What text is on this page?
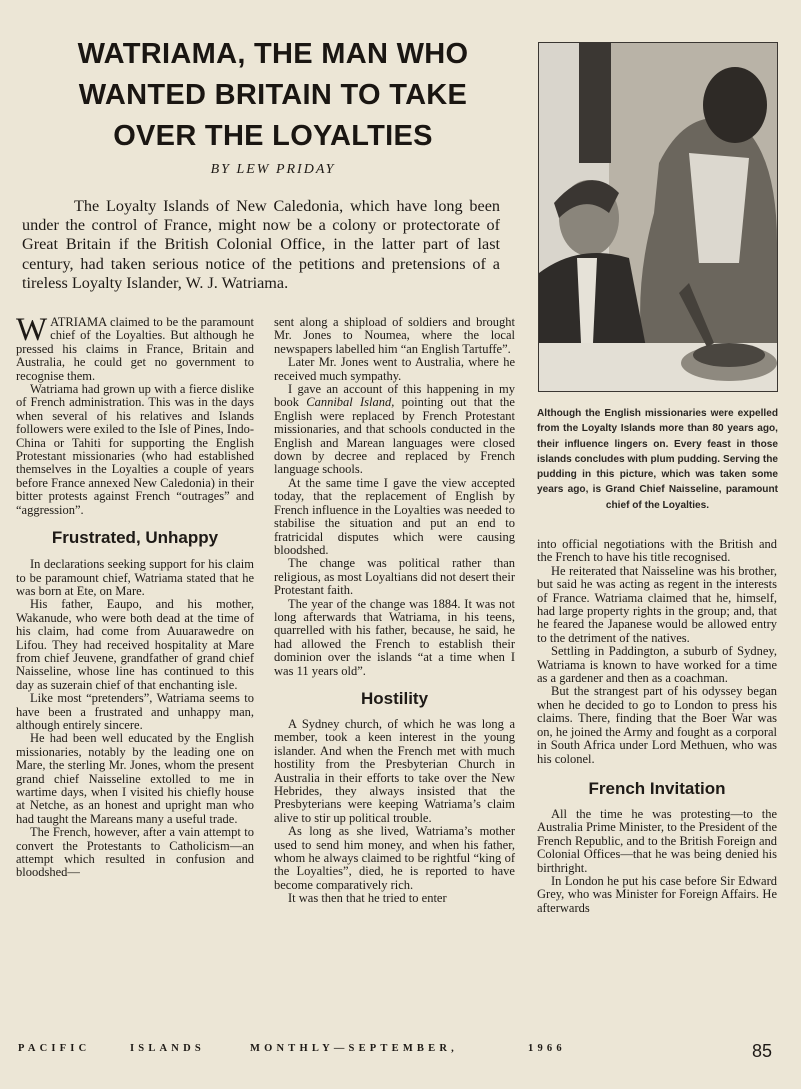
WATRIAMA, THE MAN WHO WANTED BRITAIN TO TAKE OVER THE LOYALTIES
BY LEW PRIDAY
The Loyalty Islands of New Caledonia, which have long been under the control of France, might now be a colony or protectorate of Great Britain if the British Colonial Office, in the latter part of last century, had taken serious notice of the petitions and pretensions of a tireless Loyalty Islander, W. J. Watriama.
Although the English missionaries were expelled from the Loyalty Islands more than 80 years ago, their influence lingers on. Every feast in those islands concludes with plum pudding. Serving the pudding in this picture, which was taken some years ago, is Grand Chief Naisseline, paramount chief of the Loyalties.

WATRIAMA claimed to be the paramount chief of the Loyalties. But although he pressed his claims in France, Britain and Australia, he could get no government to recognise them.

Watriama had grown up with a fierce dislike of French administration. This was in the days when several of his relatives and Islands followers were exiled to the Isle of Pines, Indo-China or Tahiti for supporting the English Protestant missionaries (who had established themselves in the Loyalties a couple of years before France annexed New Caledonia) in their bitter protests against French “outrages” and “aggression”.

Frustrated, Unhappy

In declarations seeking support for his claim to be paramount chief, Watriama stated that he was born at Ete, on Mare.

His father, Eaupo, and his mother, Wakanude, who were both dead at the time of his claim, had come from Auuarawedre on Lifou. They had received hospitality at Mare from chief Jeuvene, grandfather of grand chief Naisseline, whose line has continued to this day as suzerain chief of that enchanting isle.

Like most “pretenders”, Watriama seems to have been a frustrated and unhappy man, although entirely sincere.

He had been well educated by the English missionaries, notably by the leading one on Mare, the sterling Mr. Jones, whom the present grand chief Naisseline extolled to me in wartime days, when I visited his chiefly house at Netche, as an honest and upright man who had taught the Mareans many a useful trade.

The French, however, after a vain attempt to convert the Protestants to Catholicism—an attempt which resulted in confusion and bloodshed—

sent along a shipload of soldiers and brought Mr. Jones to Noumea, where the local newspapers labelled him “an English Tartuffe”.

Later Mr. Jones went to Australia, where he received much sympathy.

I gave an account of this happening in my book Cannibal Island, pointing out that the English were replaced by French Protestant missionaries, and that schools conducted in the English and Marean languages were closed down by decree and replaced by French language schools.

At the same time I gave the view accepted today, that the replacement of English by French influence in the Loyalties was needed to stabilise the situation and put an end to fratricidal disputes which were causing bloodshed.

The change was political rather than religious, as most Loyaltians did not desert their Protestant faith.

The year of the change was 1884. It was not long afterwards that Watriama, in his teens, quarrelled with his father, because, he said, he had allowed the French to establish their dominion over the islands “at a time when I was 11 years old”.

Hostility

A Sydney church, of which he was long a member, took a keen interest in the young islander. And when the French met with much hostility from the Presbyterian Church in Australia in their efforts to take over the New Hebrides, they always insisted that the Presbyterians were keeping Watriama’s claim alive to stir up political trouble.

As long as she lived, Watriama’s mother used to send him money, and when his father, whom he always claimed to be rightful “king of the Loyalties”, died, he is reported to have become comparatively rich.

It was then that he tried to enter

into official negotiations with the British and the French to have his title recognised.

He reiterated that Naisseline was his brother, but said he was acting as regent in the interests of France. Watriama claimed that he, himself, had large property rights in the group; and, that he feared the Japanese would be allowed entry to the detriment of the natives.

Settling in Paddington, a suburb of Sydney, Watriama is known to have worked for a time as a gardener and then as a coachman.

But the strangest part of his odyssey began when he decided to go to London to press his claims. There, finding that the Boer War was on, he joined the Army and fought as a corporal in South Africa under Lord Methuen, who was his colonel.

French Invitation

All the time he was protesting—to the Australia Prime Minister, to the President of the French Republic, and to the British Foreign and Colonial Offices—that he was being denied his birthright.

In London he put his case before Sir Edward Grey, who was Minister for Foreign Affairs. He afterwards

PACIFIC	ISLANDS	MONTHLY—SEPTEMBER,	1966	85
